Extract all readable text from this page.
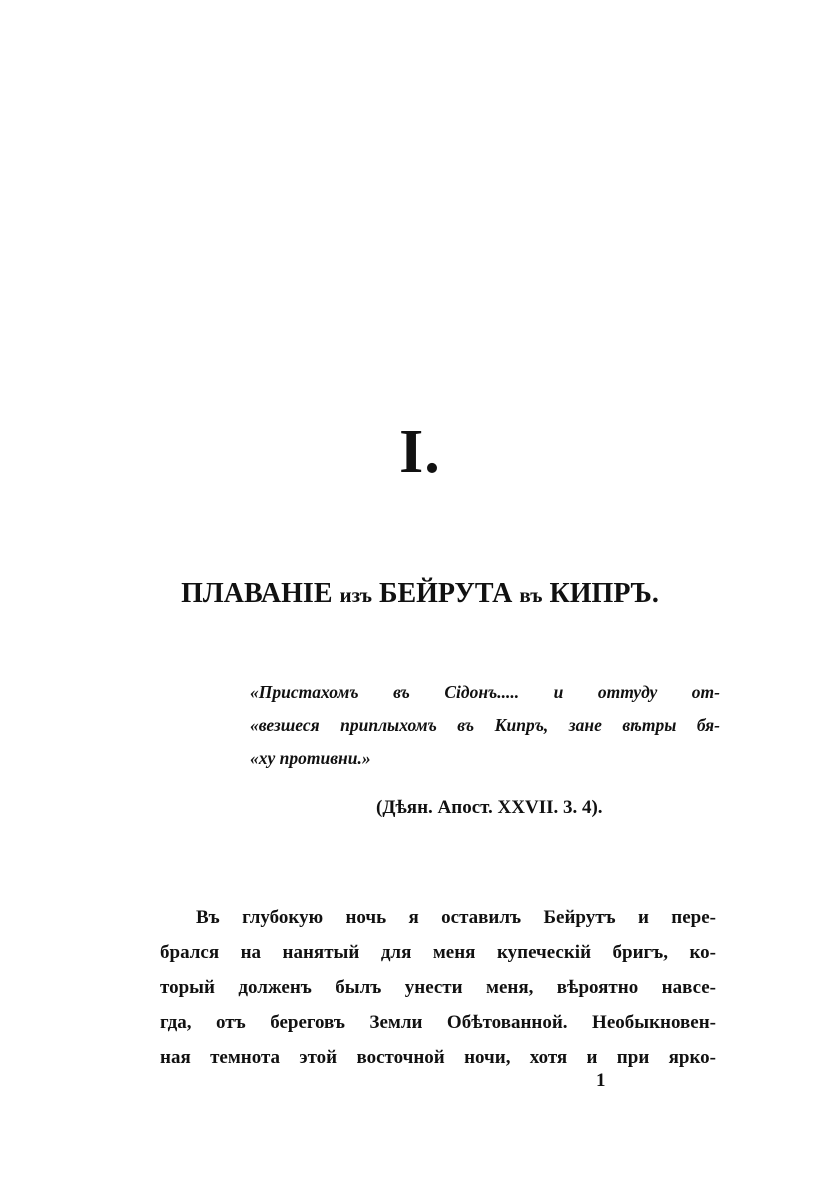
I.
ПЛАВАНIE изъ БЕЙРУТА въ КИПРЪ.
«Пристахомъ въ Сідонъ..... и оттуду от-
«везшеся приплыхомъ въ Кипръ, зане вѣтры бя-
«ху противни.»
(Дѣян. Апост. XXVII. 3. 4).
Въ глубокую ночь я оставилъ Бейрутъ и пере-
брался на нанятый для меня купеческій бригъ, ко-
торый долженъ былъ унести меня, вѣроятно навсе-
гда, отъ береговъ Земли Обѣтованной. Необыкновен-
ная темнота этой восточной ночи, хотя и при ярко-
1
